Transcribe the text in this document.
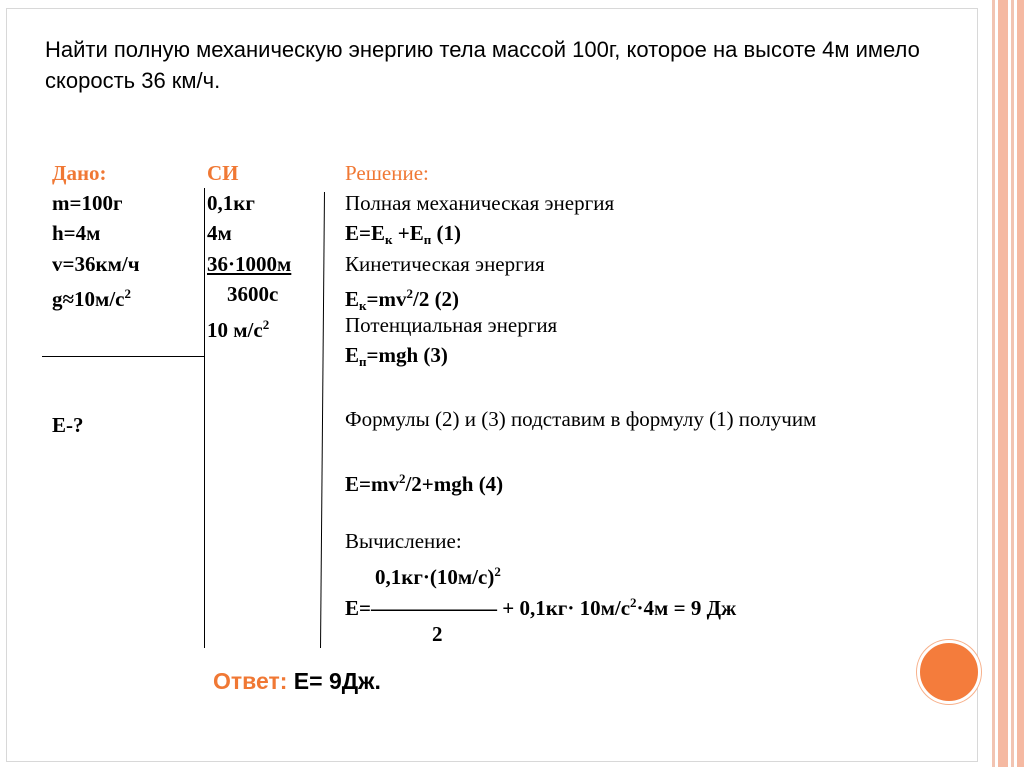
Найти полную механическую энергию тела массой 100г, которое на высоте 4м имело скорость 36 км/ч.
Дано:
m=100г
h=4м
v=36км/ч
$g\approx 10м/с^2$
E-?
СИ
0,1кг
4м
36·1000м
3600с
10 $м/с^2$
Решение:
Полная механическая энергия
$E=E_к +E_п$ (1)
Кинетическая энергия
$E_к=mv^2/2$ (2)
Потенциальная энергия
$E_п=mgh$ (3)
Формулы (2) и (3) подставим в формулу (1) получим
$E=mv^2/2+mgh$ (4)
Вычисление:
$0,1кг\cdot(10м/с)^2$
E=—————— + $0,1кг\cdot 10м/с^2\cdot 4м = 9$ Дж
2
Ответ: E= 9Дж.
